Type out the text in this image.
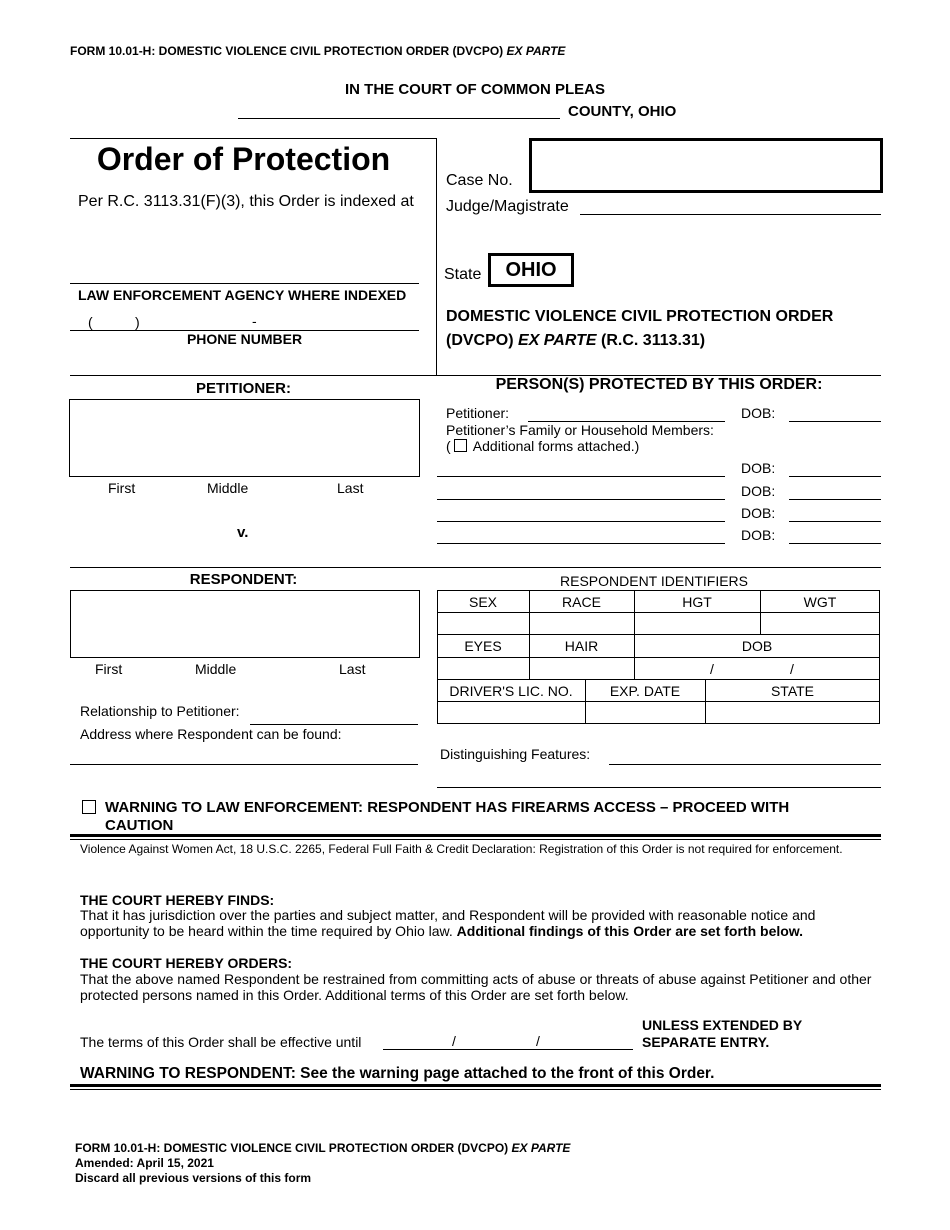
FORM 10.01-H: DOMESTIC VIOLENCE CIVIL PROTECTION ORDER (DVCPO) EX PARTE
IN THE COURT OF COMMON PLEAS
COUNTY, OHIO
Order of Protection
Per R.C. 3113.31(F)(3), this Order is indexed at
LAW ENFORCEMENT AGENCY WHERE INDEXED
(	)	-
PHONE NUMBER
Case No.
Judge/Magistrate
State	OHIO
DOMESTIC VIOLENCE CIVIL PROTECTION ORDER
(DVCPO) EX PARTE (R.C. 3113.31)
PETITIONER:
First	Middle	Last
v.
PERSON(S) PROTECTED BY THIS ORDER:
Petitioner:	DOB:
Petitioner’s Family or Household Members:
( Additional forms attached.)
DOB:
DOB:
DOB:
DOB:
RESPONDENT:
First	Middle	Last
Relationship to Petitioner:
Address where Respondent can be found:
RESPONDENT IDENTIFIERS
SEX	RACE	HGT	WGT
EYES	HAIR	DOB
/	/
DRIVER'S LIC. NO.	EXP. DATE	STATE
Distinguishing Features:
WARNING TO LAW ENFORCEMENT: RESPONDENT HAS FIREARMS ACCESS – PROCEED WITH
CAUTION
Violence Against Women Act, 18 U.S.C. 2265, Federal Full Faith & Credit Declaration: Registration of this Order is not required for enforcement.
THE COURT HEREBY FINDS:
That it has jurisdiction over the parties and subject matter, and Respondent will be provided with reasonable notice and
opportunity to be heard within the time required by Ohio law. Additional findings of this Order are set forth below.
THE COURT HEREBY ORDERS:
That the above named Respondent be restrained from committing acts of abuse or threats of abuse against Petitioner and other
protected persons named in this Order. Additional terms of this Order are set forth below.
The terms of this Order shall be effective until	/	/
UNLESS EXTENDED BY
SEPARATE ENTRY.
WARNING TO RESPONDENT: See the warning page attached to the front of this Order.
FORM 10.01-H: DOMESTIC VIOLENCE CIVIL PROTECTION ORDER (DVCPO) EX PARTE
Amended: April 15, 2021
Discard all previous versions of this form
